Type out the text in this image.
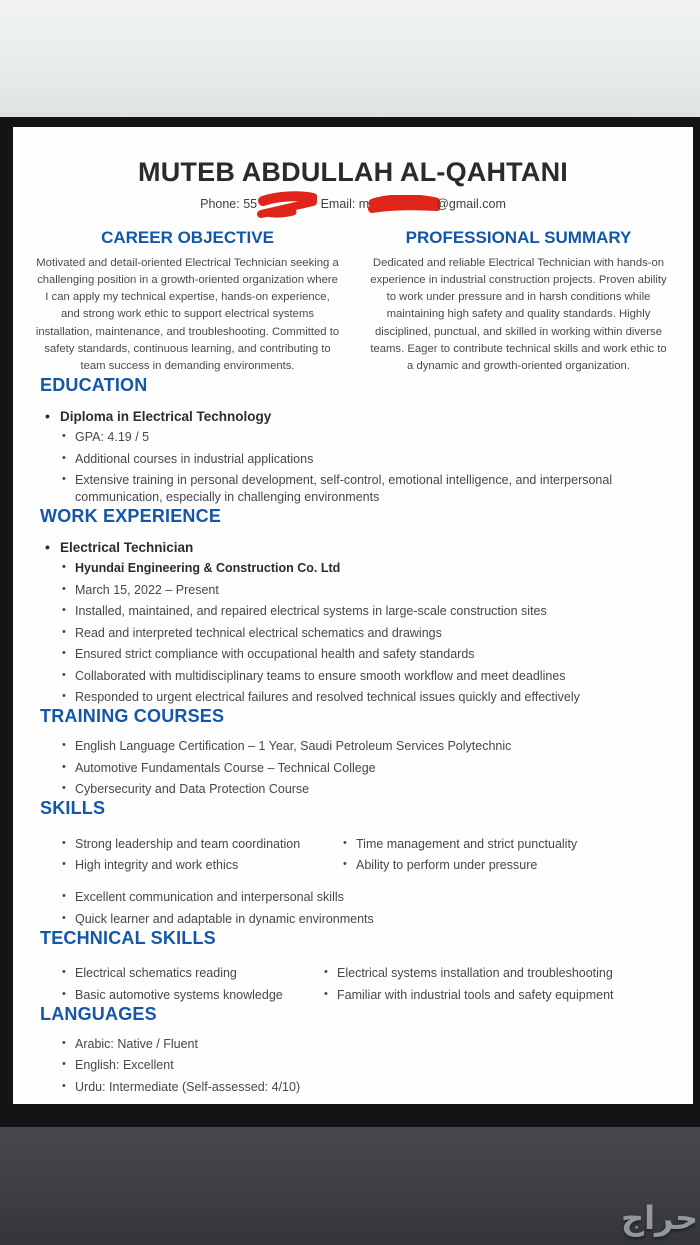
MUTEB ABDULLAH AL-QAHTANI
Phone: 55	Email: m	@gmail.com
CAREER OBJECTIVE

Motivated and detail-oriented Electrical Technician seeking a challenging position in a growth-oriented organization where I can apply my technical expertise, hands-on experience, and strong work ethic to support electrical systems installation, maintenance, and troubleshooting. Committed to safety standards, continuous learning, and contributing to team success in demanding environments.

PROFESSIONAL SUMMARY

Dedicated and reliable Electrical Technician with hands-on experience in industrial construction projects. Proven ability to work under pressure and in harsh conditions while maintaining high safety and quality standards. Highly disciplined, punctual, and skilled in working within diverse teams. Eager to contribute technical skills and work ethic to a dynamic and growth-oriented organization.

EDUCATION
• Diploma in Electrical Technology
• GPA: 4.19 / 5
• Additional courses in industrial applications
• Extensive training in personal development, self-control, emotional intelligence, and interpersonal communication, especially in challenging environments
WORK EXPERIENCE
• Electrical Technician
• Hyundai Engineering & Construction Co. Ltd
• March 15, 2022 – Present
• Installed, maintained, and repaired electrical systems in large-scale construction sites
• Read and interpreted technical electrical schematics and drawings
• Ensured strict compliance with occupational health and safety standards
• Collaborated with multidisciplinary teams to ensure smooth workflow and meet deadlines
• Responded to urgent electrical failures and resolved technical issues quickly and effectively
TRAINING COURSES
• English Language Certification – 1 Year, Saudi Petroleum Services Polytechnic
• Automotive Fundamentals Course – Technical College
• Cybersecurity and Data Protection Course
SKILLS
• Strong leadership and team coordination
• High integrity and work ethics
• Time management and strict punctuality
• Ability to perform under pressure
• Excellent communication and interpersonal skills
• Quick learner and adaptable in dynamic environments
TECHNICAL SKILLS
• Electrical schematics reading
• Basic automotive systems knowledge
• Electrical systems installation and troubleshooting
• Familiar with industrial tools and safety equipment
LANGUAGES
• Arabic: Native / Fluent
• English: Excellent
• Urdu: Intermediate (Self-assessed: 4/10)
حراج
